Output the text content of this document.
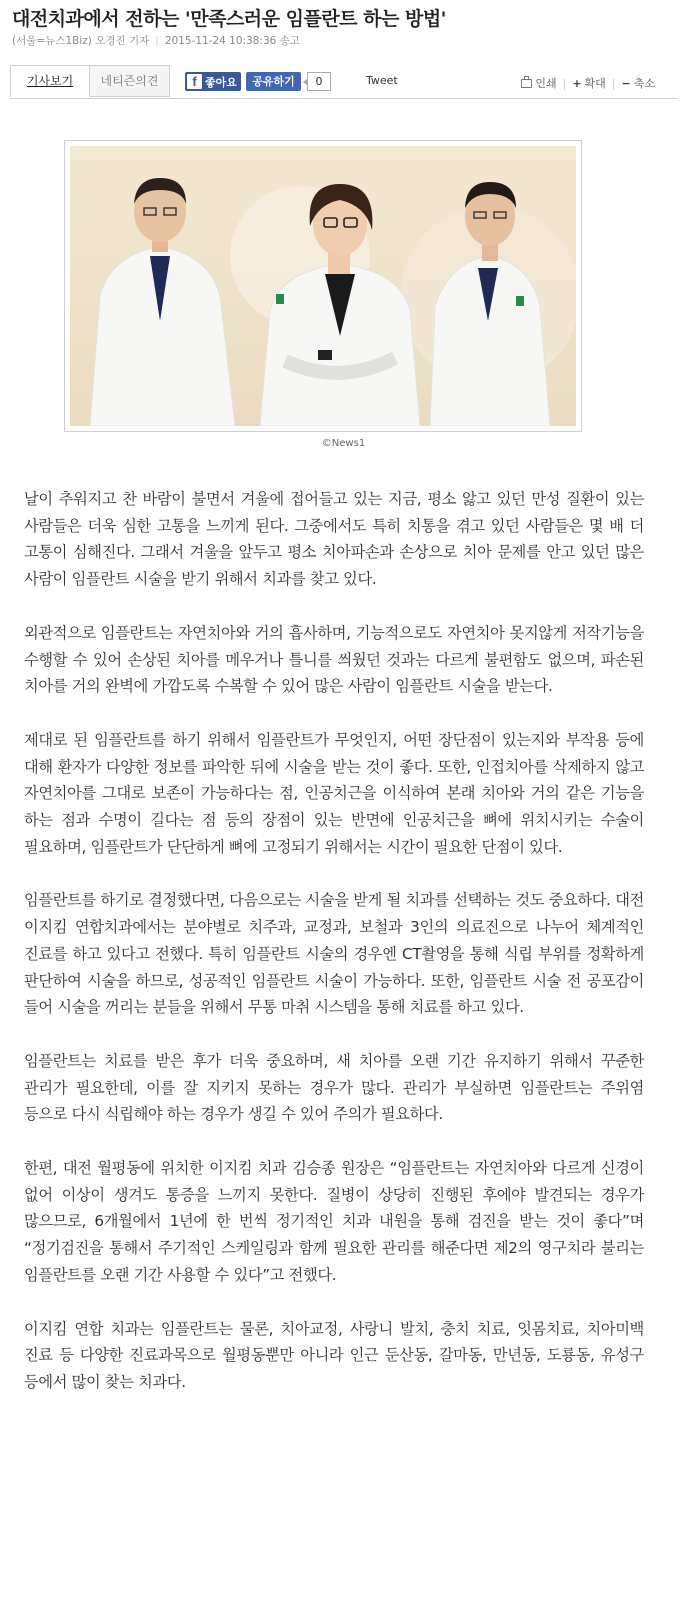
대전치과에서 전하는 '만족스러운 임플란트 하는 방법'
(서울=뉴스1Biz) 오경진 기자 | 2015-11-24 10:38:36 송고
기사보기	네티즌의견	f 좋아요	공유하기	0	Tweet	인쇄 | + 확대 | − 축소
©News1

날이 추워지고 찬 바람이 불면서 겨울에 접어들고 있는 지금, 평소 앓고 있던 만성 질환이 있는 사람들은 더욱 심한 고통을 느끼게 된다. 그중에서도 특히 치통을 겪고 있던 사람들은 몇 배 더 고통이 심해진다. 그래서 겨울을 앞두고 평소 치아파손과 손상으로 치아 문제를 안고 있던 많은 사람이 임플란트 시술을 받기 위해서 치과를 찾고 있다.

외관적으로 임플란트는 자연치아와 거의 흡사하며, 기능적으로도 자연치아 못지않게 저작기능을 수행할 수 있어 손상된 치아를 메우거나 틀니를 씌웠던 것과는 다르게 불편함도 없으며, 파손된 치아를 거의 완벽에 가깝도록 수복할 수 있어 많은 사람이 임플란트 시술을 받는다.

제대로 된 임플란트를 하기 위해서 임플란트가 무엇인지, 어떤 장단점이 있는지와 부작용 등에 대해 환자가 다양한 정보를 파악한 뒤에 시술을 받는 것이 좋다. 또한, 인접치아를 삭제하지 않고 자연치아를 그대로 보존이 가능하다는 점, 인공치근을 이식하여 본래 치아와 거의 같은 기능을 하는 점과 수명이 길다는 점 등의 장점이 있는 반면에 인공치근을 뼈에 위치시키는 수술이 필요하며, 임플란트가 단단하게 뼈에 고정되기 위해서는 시간이 필요한 단점이 있다.

임플란트를 하기로 결정했다면, 다음으로는 시술을 받게 될 치과를 선택하는 것도 중요하다. 대전 이지킴 연합치과에서는 분야별로 치주과, 교정과, 보철과 3인의 의료진으로 나누어 체계적인 진료를 하고 있다고 전했다. 특히 임플란트 시술의 경우엔 CT촬영을 통해 식립 부위를 정확하게 판단하여 시술을 하므로, 성공적인 임플란트 시술이 가능하다. 또한, 임플란트 시술 전 공포감이 들어 시술을 꺼리는 분들을 위해서 무통 마취 시스템을 통해 치료를 하고 있다.

임플란트는 치료를 받은 후가 더욱 중요하며, 새 치아를 오랜 기간 유지하기 위해서 꾸준한 관리가 필요한데, 이를 잘 지키지 못하는 경우가 많다. 관리가 부실하면 임플란트는 주위염 등으로 다시 식립해야 하는 경우가 생길 수 있어 주의가 필요하다.

한편, 대전 월평동에 위치한 이지킴 치과 김승종 원장은 “임플란트는 자연치아와 다르게 신경이 없어 이상이 생겨도 통증을 느끼지 못한다. 질병이 상당히 진행된 후에야 발견되는 경우가 많으므로, 6개월에서 1년에 한 번씩 정기적인 치과 내원을 통해 검진을 받는 것이 좋다”며 “정기검진을 통해서 주기적인 스케일링과 함께 필요한 관리를 해준다면 제2의 영구치라 불리는 임플란트를 오랜 기간 사용할 수 있다”고 전했다.

이지킴 연합 치과는 임플란트는 물론, 치아교정, 사랑니 발치, 충치 치료, 잇몸치료, 치아미백 진료 등 다양한 진료과목으로 월평동뿐만 아니라 인근 둔산동, 갈마동, 만년동, 도룡동, 유성구 등에서 많이 찾는 치과다.
